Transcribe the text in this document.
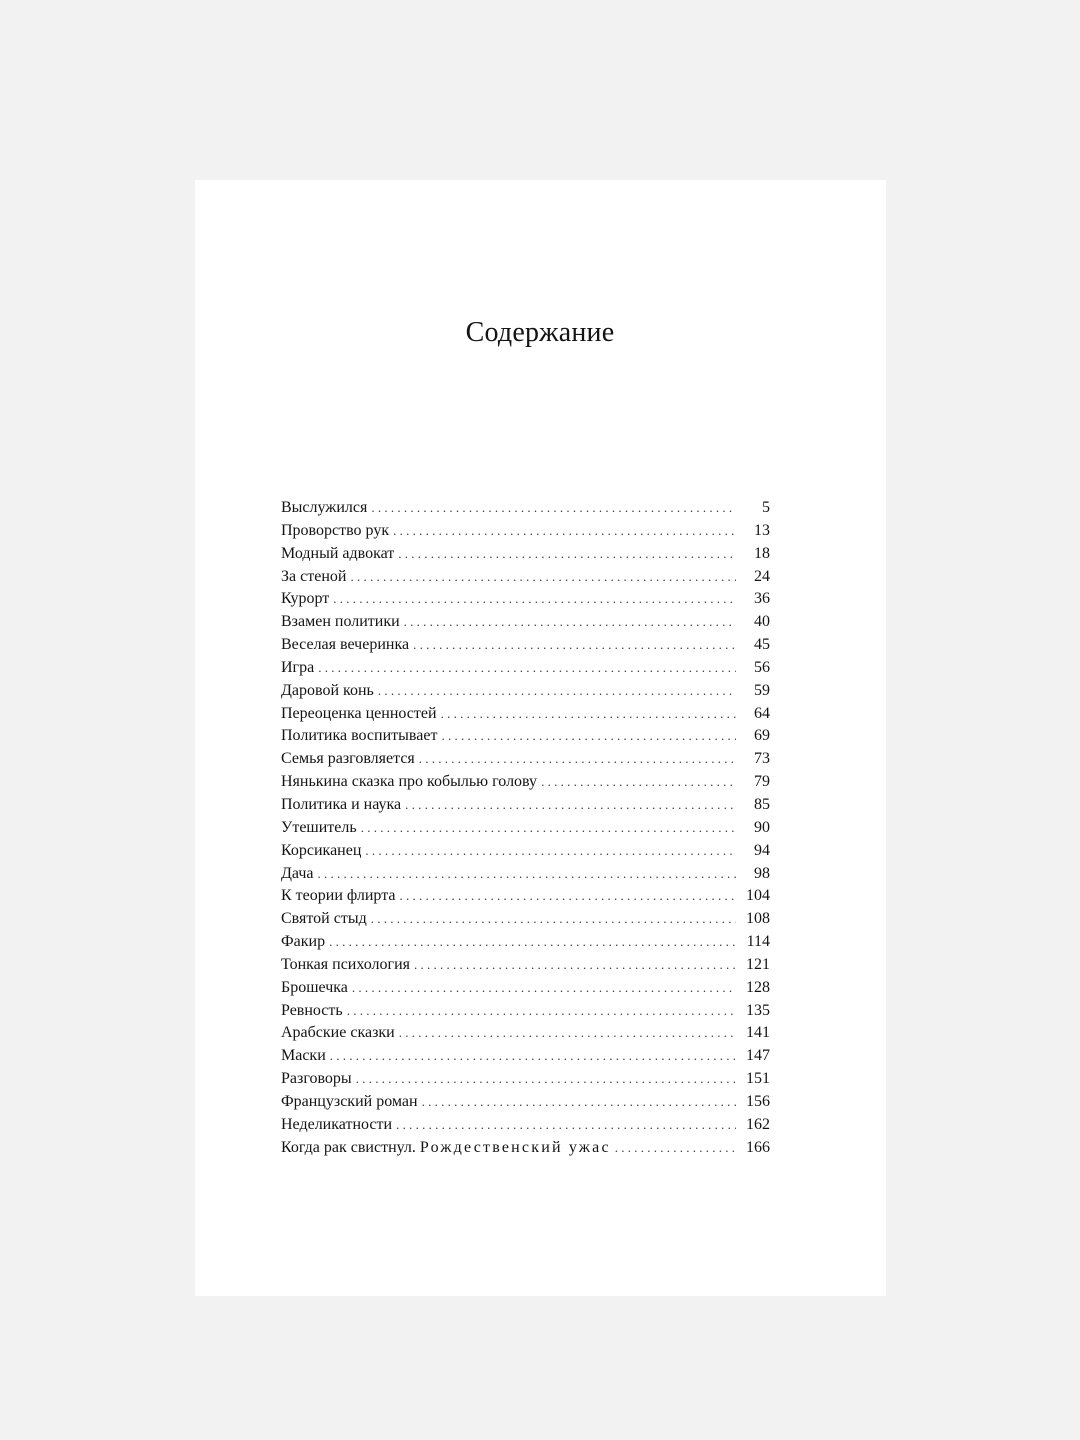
Содержание
Выслужился . . .	5
Проворство рук . . .	13
Модный адвокат . . .	18
За стеной . . .	24
Курорт . . .	36
Взамен политики . . .	40
Веселая вечеринка . . .	45
Игра . . .	56
Даровой конь . . .	59
Переоценка ценностей . . .	64
Политика воспитывает . . .	69
Семья разговляется . . .	73
Нянькина сказка про кобылью голову . . .	79
Политика и наука . . .	85
Утешитель . . .	90
Корсиканец . . .	94
Дача . . .	98
К теории флирта . . .	104
Святой стыд . . .	108
Факир . . .	114
Тонкая психология . . .	121
Брошечка . . .	128
Ревность . . .	135
Арабские сказки . . .	141
Маски . . .	147
Разговоры . . .	151
Французский роман . . .	156
Неделикатности . . .	162
Когда рак свистнул. Рождественский ужас . . .	166
